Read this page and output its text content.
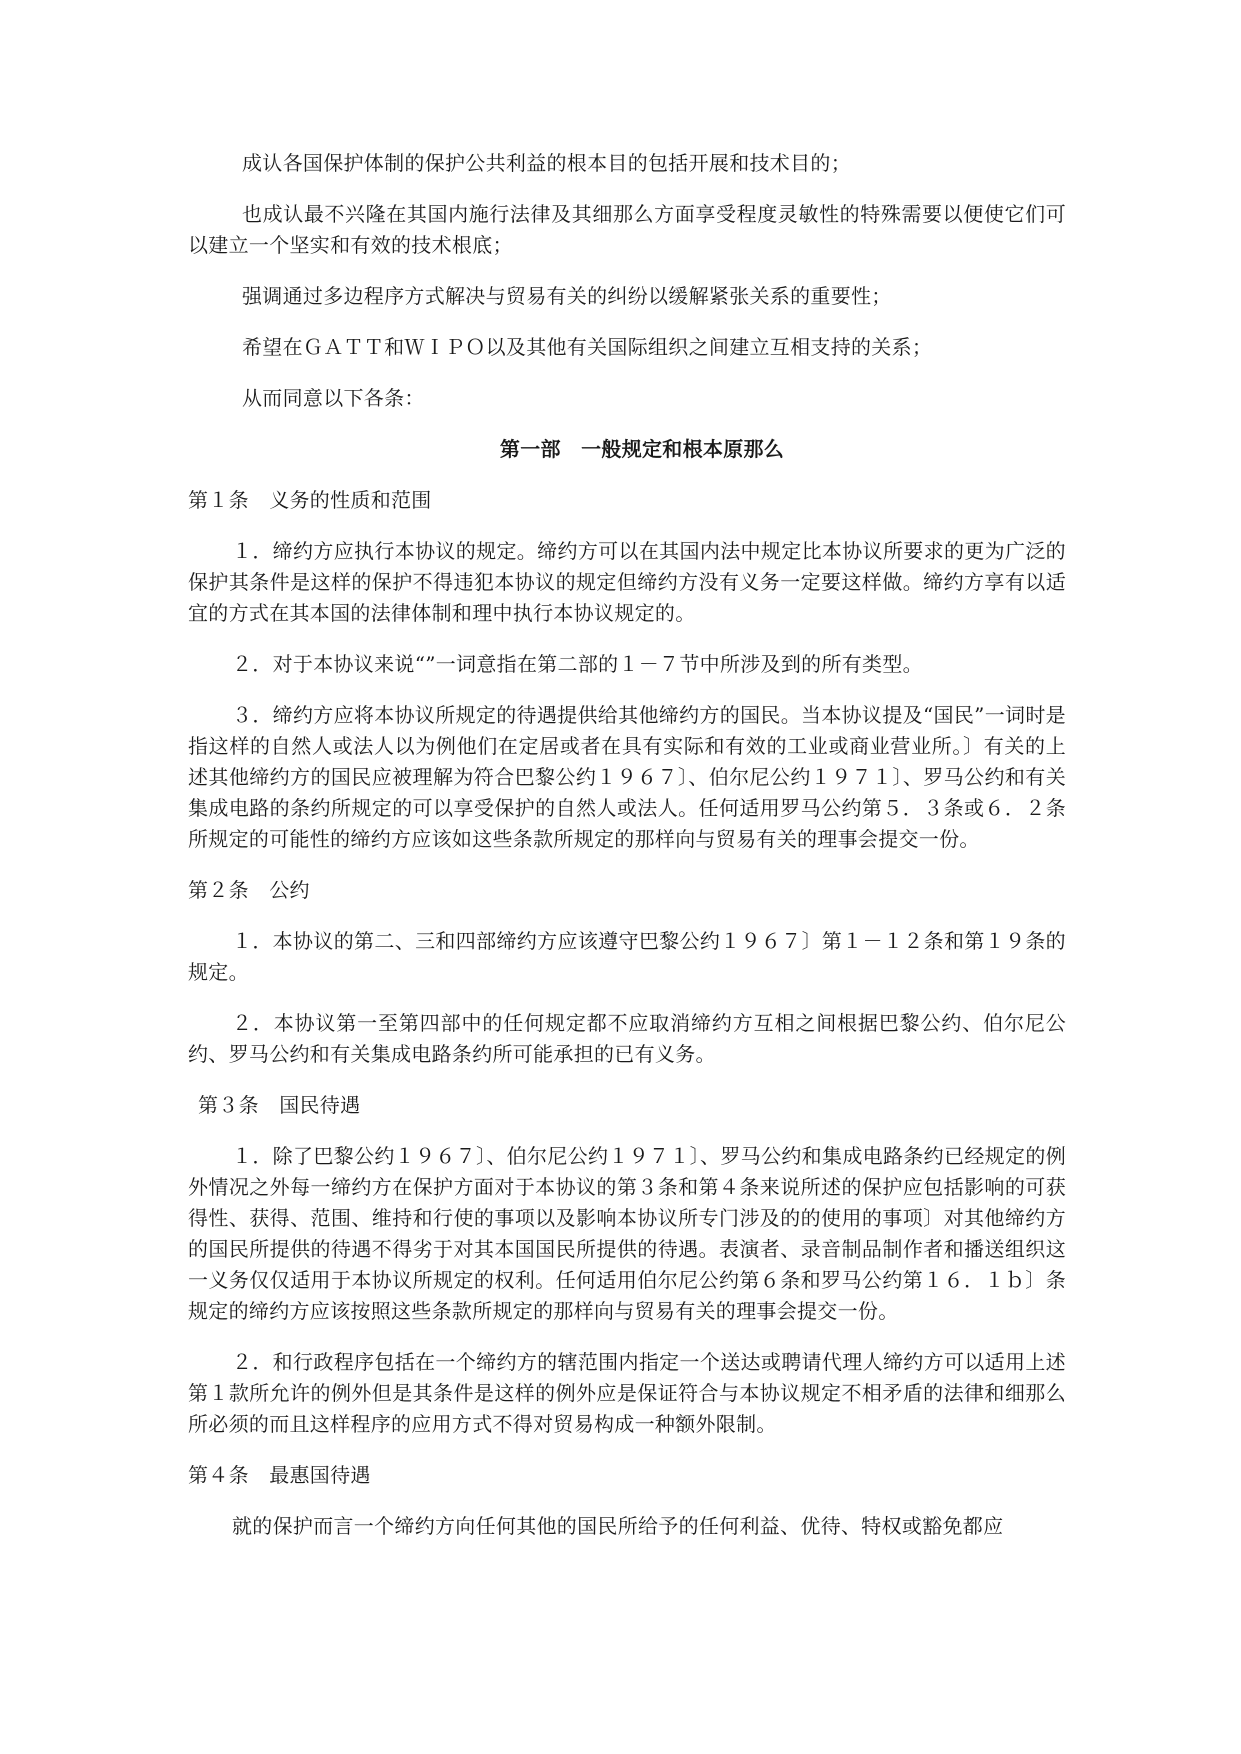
成认各国保护体制的保护公共利益的根本目的包括开展和技术目的；

也成认最不兴隆在其国内施行法律及其细那么方面享受程度灵敏性的特殊需要以便使它们可以建立一个坚实和有效的技术根底；

强调通过多边程序方式解决与贸易有关的纠纷以缓解紧张关系的重要性；

希望在ＧＡＴＴ和ＷＩＰＯ以及其他有关国际组织之间建立互相支持的关系；

从而同意以下各条：

第一部　一般规定和根本原那么

第１条　义务的性质和范围

１．缔约方应执行本协议的规定。缔约方可以在其国内法中规定比本协议所要求的更为广泛的保护其条件是这样的保护不得违犯本协议的规定但缔约方没有义务一定要这样做。缔约方享有以适宜的方式在其本国的法律体制和理中执行本协议规定的。

２．对于本协议来说“”一词意指在第二部的１－７节中所涉及到的所有类型。

３．缔约方应将本协议所规定的待遇提供给其他缔约方的国民。当本协议提及“国民”一词时是指这样的自然人或法人以为例他们在定居或者在具有实际和有效的工业或商业营业所。〕有关的上述其他缔约方的国民应被理解为符合巴黎公约１９６７〕、伯尔尼公约１９７１〕、罗马公约和有关集成电路的条约所规定的可以享受保护的自然人或法人。任何适用罗马公约第５．３条或６．２条所规定的可能性的缔约方应该如这些条款所规定的那样向与贸易有关的理事会提交一份。

第２条　公约

１．本协议的第二、三和四部缔约方应该遵守巴黎公约１９６７〕第１－１２条和第１９条的规定。

２．本协议第一至第四部中的任何规定都不应取消缔约方互相之间根据巴黎公约、伯尔尼公约、罗马公约和有关集成电路条约所可能承担的已有义务。

第３条　国民待遇

１．除了巴黎公约１９６７〕、伯尔尼公约１９７１〕、罗马公约和集成电路条约已经规定的例外情况之外每一缔约方在保护方面对于本协议的第３条和第４条来说所述的保护应包括影响的可获得性、获得、范围、维持和行使的事项以及影响本协议所专门涉及的的使用的事项〕对其他缔约方的国民所提供的待遇不得劣于对其本国国民所提供的待遇。表演者、录音制品制作者和播送组织这一义务仅仅适用于本协议所规定的权利。任何适用伯尔尼公约第６条和罗马公约第１６．１ｂ〕条规定的缔约方应该按照这些条款所规定的那样向与贸易有关的理事会提交一份。

２．和行政程序包括在一个缔约方的辖范围内指定一个送达或聘请代理人缔约方可以适用上述第１款所允许的例外但是其条件是这样的例外应是保证符合与本协议规定不相矛盾的法律和细那么所必须的而且这样程序的应用方式不得对贸易构成一种额外限制。

第４条　最惠国待遇

就的保护而言一个缔约方向任何其他的国民所给予的任何利益、优待、特权或豁免都应
